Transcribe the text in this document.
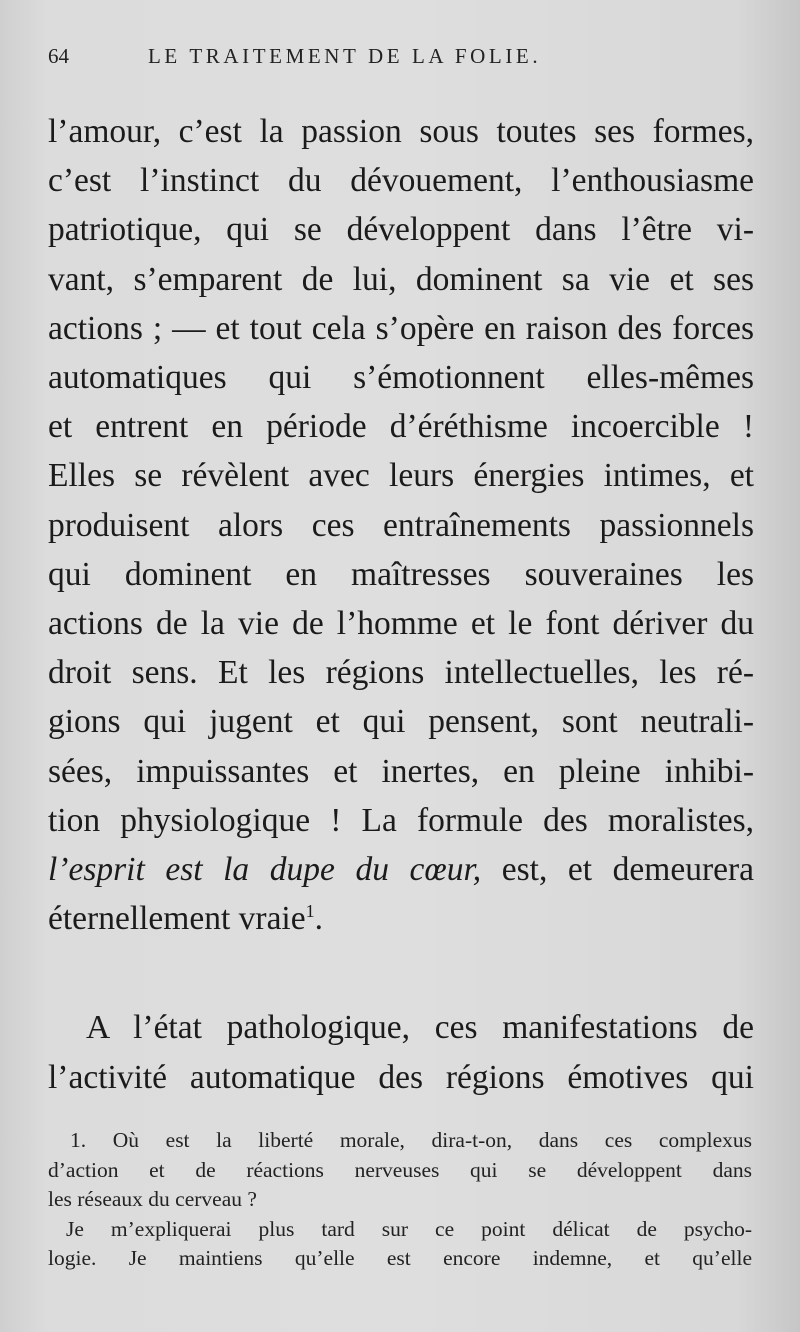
64	LE TRAITEMENT DE LA FOLIE.
l’amour, c’est la passion sous toutes ses formes,
c’est l’instinct du dévouement, l’enthousiasme
patriotique, qui se développent dans l’être vi-
vant, s’emparent de lui, dominent sa vie et ses
actions ; — et tout cela s’opère en raison des forces
automatiques qui s’émotionnent elles-mêmes
et entrent en période d’éréthisme incoercible !
Elles se révèlent avec leurs énergies intimes, et
produisent alors ces entraînements passionnels
qui dominent en maîtresses souveraines les
actions de la vie de l’homme et le font dériver du
droit sens. Et les régions intellectuelles, les ré-
gions qui jugent et qui pensent, sont neutrali-
sées, impuissantes et inertes, en pleine inhibi-
tion physiologique ! La formule des moralistes,
l’esprit est la dupe du cœur, est, et demeurera
éternellement vraie$^1$.
A l’état pathologique, ces manifestations de
l’activité automatique des régions émotives qui
1. Où est la liberté morale, dira-t-on, dans ces complexus
d’action et de réactions nerveuses qui se développent dans
les réseaux du cerveau ?
Je m’expliquerai plus tard sur ce point délicat de psycho-
logie. Je maintiens qu’elle est encore indemne, et qu’elle
